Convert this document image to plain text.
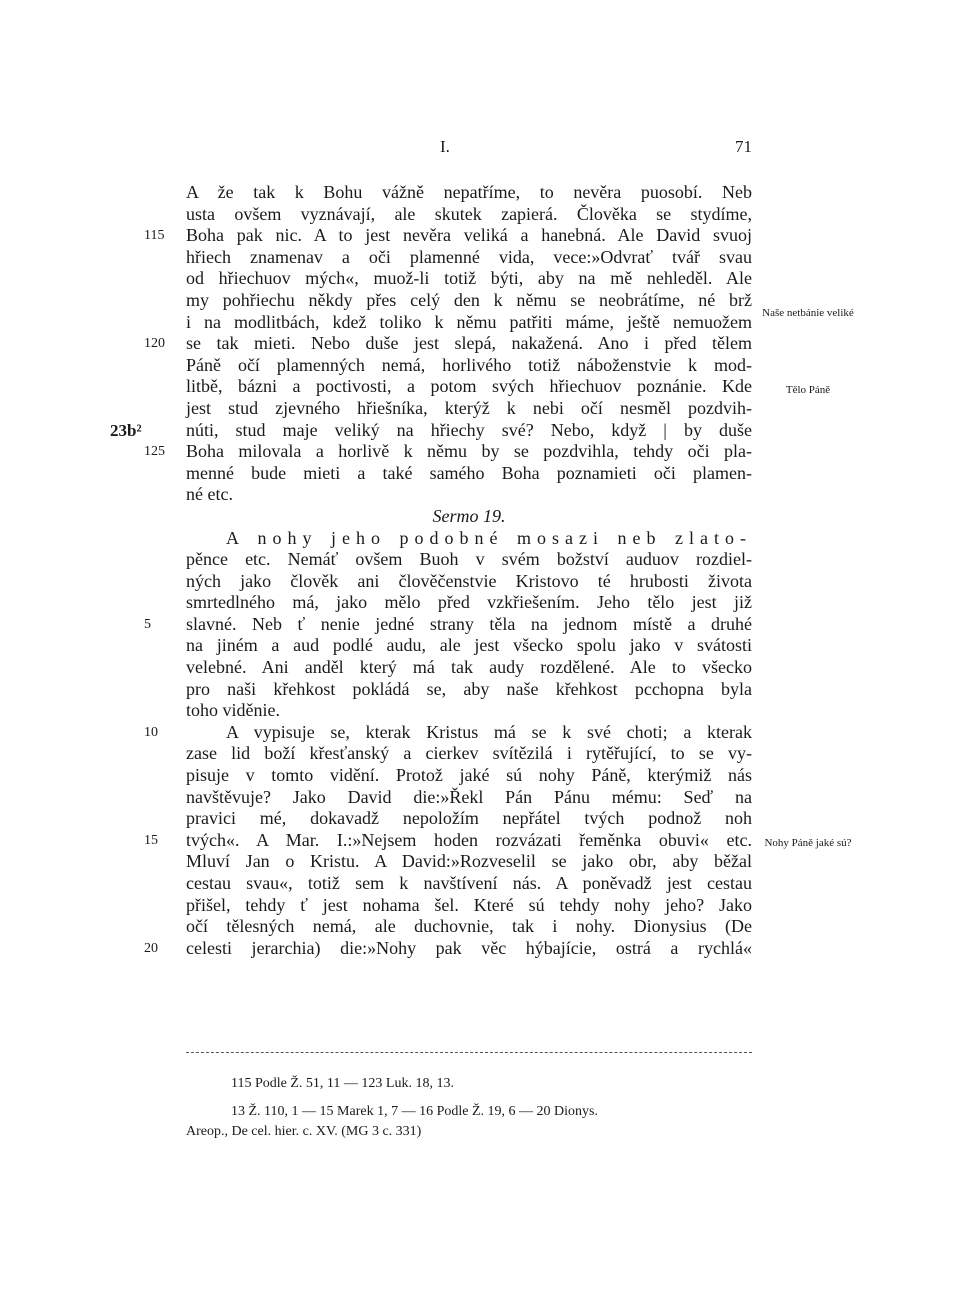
I.	71
A že tak k Bohu vážně nepatříme, to nevěra puosobí. Neb
usta ovšem vyznávají, ale skutek zapierá. Člověka se stydíme,
115	Boha pak nic. A to jest nevěra veliká a hanebná. Ale David svuoj
hřiech znamenav a oči plamenné vida, vece:»Odvrať tvář svau
od hřiechuov mých«, muož-li totiž býti, aby na mě nehleděl. Ale
my pohřiechu někdy přes celý den k němu se neobrátíme, né brž
i na modlitbách, kdež toliko k němu patřiti máme, ještě nemuožem
120	se tak mieti. Nebo duše jest slepá, nakažená. Ano i před tělem
Páně očí plamenných nemá, horlivého totiž náboženstvie k mod-
litbě, bázni a poctivosti, a potom svých hřiechuov poznánie. Kde
jest stud zjevného hřiešníka, kterýž k nebi očí nesměl pozdvih-
23b² núti, stud maje veliký na hřiechy své? Nebo, když | by duše
125	Boha milovala a horlivě k němu by se pozdvihla, tehdy oči pla-
menné bude mieti a také samého Boha poznamieti oči plamen-
né etc.
Sermo 19.
A nohy jeho podobné mosazi neb zlato-
pěnce etc. Nemáť ovšem Buoh v svém božství auduov rozdiel-
ných jako člověk ani člověčenstvie Kristovo té hrubosti života
smrtedlného má, jako mělo před vzkřiešením. Jeho tělo jest již
5	slavné. Neb ť nenie jedné strany těla na jednom místě a druhé
na jiném a aud podlé audu, ale jest všecko spolu jako v svátosti
velebné. Ani anděl který má tak audy rozdělené. Ale to všecko
pro naši křehkost pokládá se, aby naše křehkost pcchopna byla
toho viděnie.
10	A vypisuje se, kterak Kristus má se k své choti; a kterak
zase lid boží křesťanský a cierkev svítězilá i rytěřující, to se vy-
pisuje v tomto vidění. Protož jaké sú nohy Páně, kterýmiž nás
navštěvuje? Jako David die:»Řekl Pán Pánu mému: Seď na
pravici mé, dokavadž nepoložím nepřátel tvých podnož noh
15	tvých«. A Mar. I.:»Nejsem hoden rozvázati řeměnka obuvi« etc.
Mluví Jan o Kristu. A David:»Rozveselil se jako obr, aby běžal
cestau svau«, totiž sem k navštívení nás. A poněvadž jest cestau
přišel, tehdy ť jest nohama šel. Které sú tehdy nohy jeho? Jako
očí tělesných nemá, ale duchovnie, tak i nohy. Dionysius (De
20	celesti jerarchia) die:»Nohy pak věc hýbajície, ostrá a rychlá«
Naše netbánie veliké
Tělo Páně
Nohy Páně jaké sú?
115 Podle Ž. 51, 11 — 123 Luk. 18, 13.
13 Ž. 110, 1 — 15 Marek 1, 7 — 16 Podle Ž. 19, 6 — 20 Dionys.
Areop., De cel. hier. c. XV. (MG 3 c. 331)
